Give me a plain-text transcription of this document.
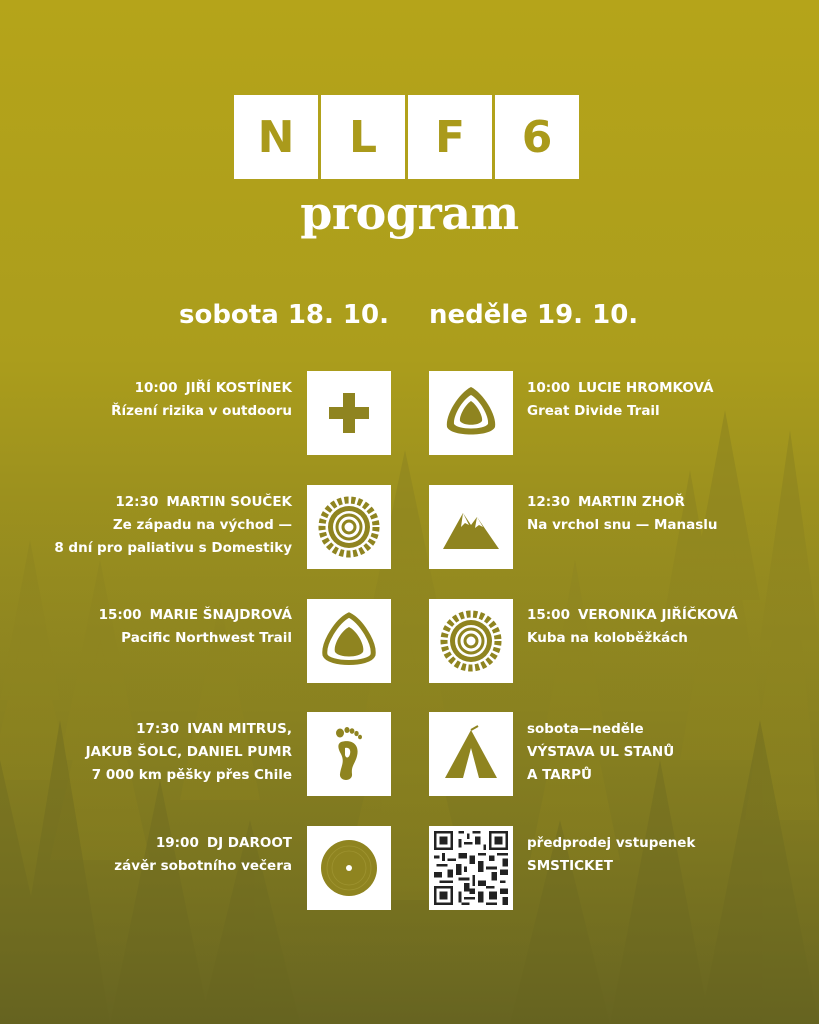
N	L	F	6
program
sobota 18. 10. neděle 19. 10.
10:00 JIŘÍ KOSTÍNEK
Řízení rizika v outdooru
12:30 MARTIN SOUČEK
Ze západu na východ —
8 dní pro paliativu s Domestiky
15:00 MARIE ŠNAJDROVÁ
Pacific Northwest Trail
17:30 IVAN MITRUS,
JAKUB ŠOLC, DANIEL PUMR
7 000 km pěšky přes Chile
19:00 DJ DAROOT
závěr sobotního večera
10:00 LUCIE HROMKOVÁ
Great Divide Trail
12:30 MARTIN ZHOŘ
Na vrchol snu — Manaslu
15:00 VERONIKA JIŘÍČKOVÁ
Kuba na koloběžkách
sobota—neděle
VÝSTAVA UL STANŮ
A TARPŮ
předprodej vstupenek
SMSTICKET
